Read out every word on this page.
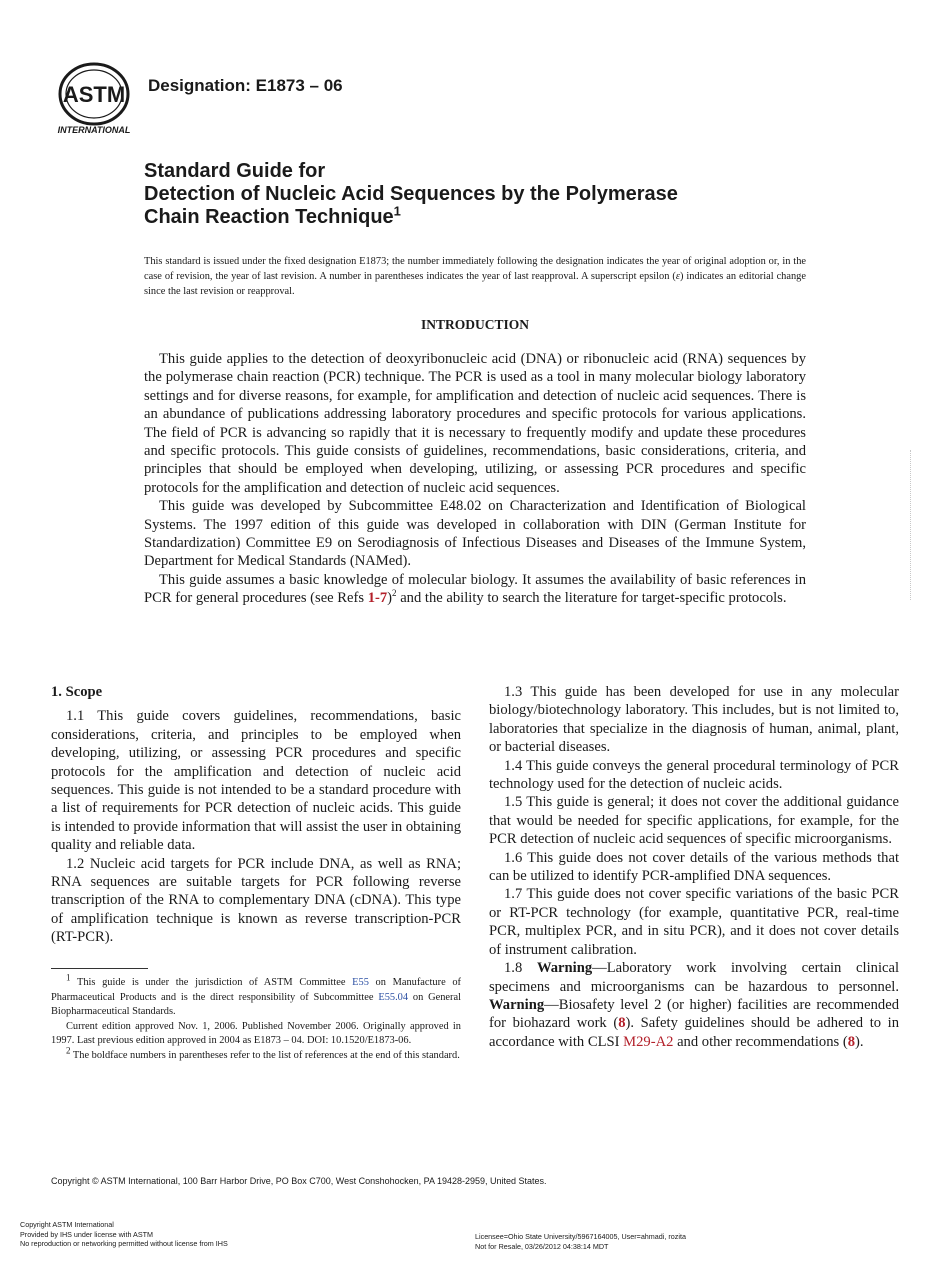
ASTM
INTERNATIONAL
Designation: E1873 – 06
Standard Guide for
Detection of Nucleic Acid Sequences by the Polymerase
Chain Reaction Technique$^1$
This standard is issued under the fixed designation E1873; the number immediately following the designation indicates the year of original adoption or, in the case of revision, the year of last revision. A number in parentheses indicates the year of last reapproval. A superscript epsilon (ε) indicates an editorial change since the last revision or reapproval.
INTRODUCTION

This guide applies to the detection of deoxyribonucleic acid (DNA) or ribonucleic acid (RNA) sequences by the polymerase chain reaction (PCR) technique. The PCR is used as a tool in many molecular biology laboratory settings and for diverse reasons, for example, for amplification and detection of nucleic acid sequences. There is an abundance of publications addressing laboratory procedures and specific protocols for various applications. The field of PCR is advancing so rapidly that it is necessary to frequently modify and update these procedures and specific protocols. This guide consists of guidelines, recommendations, basic considerations, criteria, and principles that should be employed when developing, utilizing, or assessing PCR procedures and specific protocols for the amplification and detection of nucleic acid sequences.

This guide was developed by Subcommittee E48.02 on Characterization and Identification of Biological Systems. The 1997 edition of this guide was developed in collaboration with DIN (German Institute for Standardization) Committee E9 on Serodiagnosis of Infectious Diseases and Diseases of the Immune System, Department for Medical Standards (NAMed).

This guide assumes a basic knowledge of molecular biology. It assumes the availability of basic references in PCR for general procedures (see Refs 1-7)$^2$ and the ability to search the literature for target-specific protocols.

1. Scope

1.1 This guide covers guidelines, recommendations, basic considerations, criteria, and principles to be employed when developing, utilizing, or assessing PCR procedures and specific protocols for the amplification and detection of nucleic acid sequences. This guide is not intended to be a standard procedure with a list of requirements for PCR detection of nucleic acids. This guide is intended to provide information that will assist the user in obtaining quality and reliable data.

1.2 Nucleic acid targets for PCR include DNA, as well as RNA; RNA sequences are suitable targets for PCR following reverse transcription of the RNA to complementary DNA (cDNA). This type of amplification technique is known as reverse transcription-PCR (RT-PCR).

$^1$ This guide is under the jurisdiction of ASTM Committee E55 on Manufacture of Pharmaceutical Products and is the direct responsibility of Subcommittee E55.04 on General Biopharmaceutical Standards.

Current edition approved Nov. 1, 2006. Published November 2006. Originally approved in 1997. Last previous edition approved in 2004 as E1873 – 04. DOI: 10.1520/E1873-06.

$^2$ The boldface numbers in parentheses refer to the list of references at the end of this standard.

1.3 This guide has been developed for use in any molecular biology/biotechnology laboratory. This includes, but is not limited to, laboratories that specialize in the diagnosis of human, animal, plant, or bacterial diseases.

1.4 This guide conveys the general procedural terminology of PCR technology used for the detection of nucleic acids.

1.5 This guide is general; it does not cover the additional guidance that would be needed for specific applications, for example, for the PCR detection of nucleic acid sequences of specific microorganisms.

1.6 This guide does not cover details of the various methods that can be utilized to identify PCR-amplified DNA sequences.

1.7 This guide does not cover specific variations of the basic PCR or RT-PCR technology (for example, quantitative PCR, real-time PCR, multiplex PCR, and in situ PCR), and it does not cover details of instrument calibration.

1.8 Warning—Laboratory work involving certain clinical specimens and microorganisms can be hazardous to personnel. Warning—Biosafety level 2 (or higher) facilities are recommended for biohazard work (8). Safety guidelines should be adhered to in accordance with CLSI M29-A2 and other recommendations (8).

Copyright © ASTM International, 100 Barr Harbor Drive, PO Box C700, West Conshohocken, PA 19428-2959, United States.
Copyright ASTM International
Provided by IHS under license with ASTM
No reproduction or networking permitted without license from IHS
Licensee=Ohio State University/5967164005, User=ahmadi, rozita
Not for Resale, 03/26/2012 04:38:14 MDT
